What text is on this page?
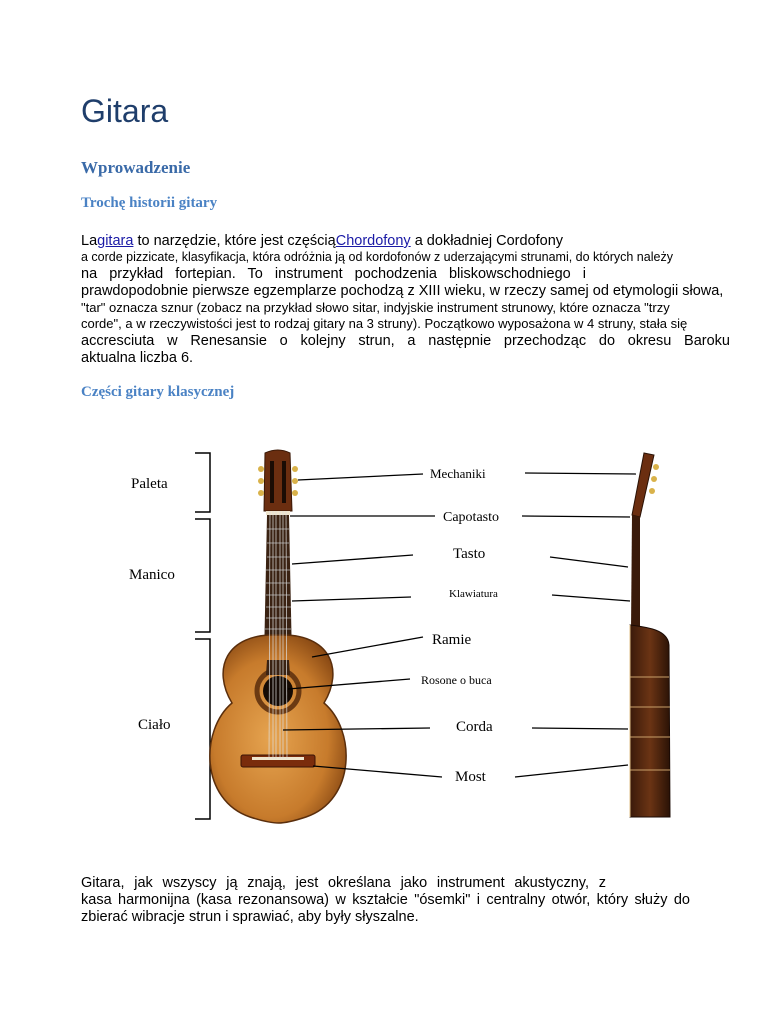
Gitara
Wprowadzenie
Trochę historii gitary
Lagitara to narzędzie, które jest częściąChordofony a dokładniej Cordofony
a corde pizzicate, klasyfikacja, która odróżnia ją od kordofonów z uderzającymi strunami, do których należy
na przykład fortepian. To instrument pochodzenia bliskowschodniego i
prawdopodobnie pierwsze egzemplarze pochodzą z XIII wieku, w rzeczy samej od etymologii słowa,
"tar" oznacza sznur (zobacz na przykład słowo sitar, indyjskie instrument strunowy, które oznacza "trzy
corde", a w rzeczywistości jest to rodzaj gitary na 3 struny). Początkowo wyposażona w 4 struny, stała się
accresciuta w Renesansie o kolejny strun, a następnie przechodząc do okresu Baroku
aktualna liczba 6.
Części gitary klasycznej
Paleta
Manico
Ciało
Mechaniki
Capotasto
Tasto
Klawiatura
Ramie
Rosone o buca
Corda
Most
Gitara, jak wszyscy ją znają, jest określana jako instrument akustyczny, z
kasa harmonijna (kasa rezonansowa) w kształcie "ósemki" i centralny otwór, który służy do
zbierać wibracje strun i sprawiać, aby były słyszalne.
